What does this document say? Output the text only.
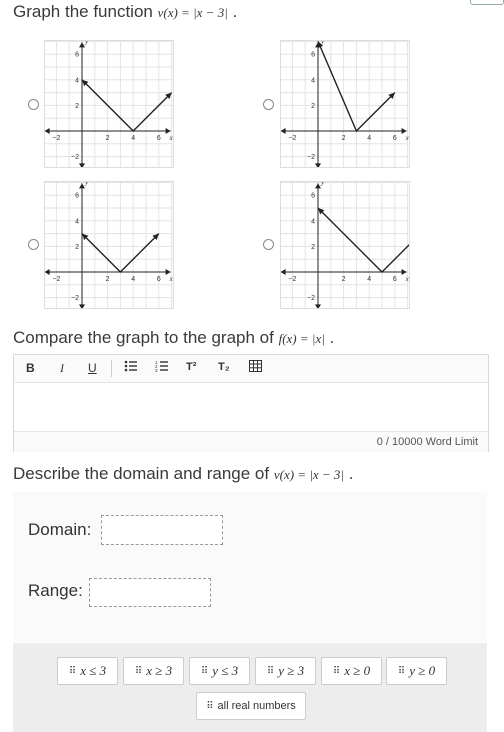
Graph the function v(x) = |x − 3| .
−2	2	4	6
6
4
2
−2
x
y
−2	2	4	6
6
4
2
−2
x
y
−2	2	4	6
6
4
2
−2
x
y
−2	2	4	6
6
4
2
−2
x
y
Compare the graph to the graph of f(x) = |x| .
B I U	1
2
3	T² T₂
0 / 10000 Word Limit
Describe the domain and range of v(x) = |x − 3| .
Domain:
Range:
⠿ x ≤ 3	⠿ x ≥ 3	⠿ y ≤ 3	⠿ y ≥ 3	⠿ x ≥ 0	⠿ y ≥ 0
⠿ all real numbers
